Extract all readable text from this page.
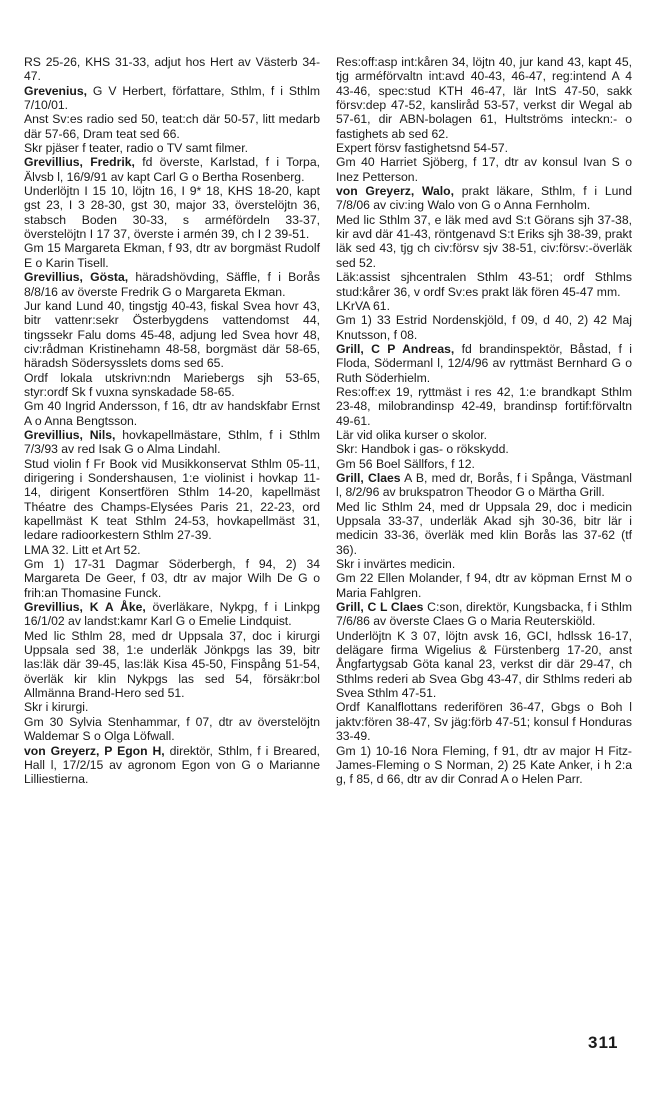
RS 25-26, KHS 31-33, adjut hos Hert av Västerb 34-47.

Grevenius, G V Herbert, författare, Sthlm, f i Sthlm 7/10/01.

Anst Sv:es radio sed 50, teat:ch där 50-57, litt medarb där 57-66, Dram teat sed 66.

Skr pjäser f teater, radio o TV samt filmer.

Grevillius, Fredrik, fd överste, Karlstad, f i Torpa, Älvsb l, 16/9/91 av kapt Carl G o Bertha Rosenberg.

Underlöjtn I 15 10, löjtn 16, I 9* 18, KHS 18-20, kapt gst 23, I 3 28-30, gst 30, major 33, överstelöjtn 36, stabsch Boden 30-33, s arméfördeln 33-37, överstelöjtn I 17 37, överste i armén 39, ch I 2 39-51.

Gm 15 Margareta Ekman, f 93, dtr av borgmäst Rudolf E o Karin Tisell.

Grevillius, Gösta, häradshövding, Säffle, f i Borås 8/8/16 av överste Fredrik G o Margareta Ekman.

Jur kand Lund 40, tingstjg 40-43, fiskal Svea hovr 43, bitr vattenr:sekr Österbygdens vattendomst 44, tingssekr Falu doms 45-48, adjung led Svea hovr 48, civ:rådman Kristinehamn 48-58, borgmäst där 58-65, häradsh Södersysslets doms sed 65.

Ordf lokala utskrivn:ndn Mariebergs sjh 53-65, styr:ordf Sk f vuxna synskadade 58-65.

Gm 40 Ingrid Andersson, f 16, dtr av handskfabr Ernst A o Anna Bengtsson.

Grevillius, Nils, hovkapellmästare, Sthlm, f i Sthlm 7/3/93 av red Isak G o Alma Lindahl.

Stud violin f Fr Book vid Musikkonservat Sthlm 05-11, dirigering i Sondershausen, 1:e violinist i hovkap 11-14, dirigent Konsertfören Sthlm 14-20, kapellmäst Théatre des Champs-Elysées Paris 21, 22-23, ord kapellmäst K teat Sthlm 24-53, hovkapellmäst 31, ledare radioorkestern Sthlm 27-39.

LMA 32. Litt et Art 52.

Gm 1) 17-31 Dagmar Söderbergh, f 94, 2) 34 Margareta De Geer, f 03, dtr av major Wilh De G o frih:an Thomasine Funck.

Grevillius, K A Åke, överläkare, Nykpg, f i Linkpg 16/1/02 av landst:kamr Karl G o Emelie Lindquist.

Med lic Sthlm 28, med dr Uppsala 37, doc i kirurgi Uppsala sed 38, 1:e underläk Jönkpgs las 39, bitr las:läk där 39-45, las:läk Kisa 45-50, Finspång 51-54, överläk kir klin Nykpgs las sed 54, försäkr:bol Allmänna Brand-Hero sed 51.

Skr i kirurgi.

Gm 30 Sylvia Stenhammar, f 07, dtr av överstelöjtn Waldemar S o Olga Löfwall.

von Greyerz, P Egon H, direktör, Sthlm, f i Breared, Hall l, 17/2/15 av agronom Egon von G o Marianne Lilliestierna.

Res:off:asp int:kåren 34, löjtn 40, jur kand 43, kapt 45, tjg arméförvaltn int:avd 40-43, 46-47, reg:intend A 4 43-46, spec:stud KTH 46-47, lär IntS 47-50, sakk försv:dep 47-52, kansliråd 53-57, verkst dir Wegal ab 57-61, dir ABN-bolagen 61, Hultströms inteckn:- o fastighets ab sed 62.

Expert försv fastighetsnd 54-57.

Gm 40 Harriet Sjöberg, f 17, dtr av konsul Ivan S o Inez Petterson.

von Greyerz, Walo, prakt läkare, Sthlm, f i Lund 7/8/06 av civ:ing Walo von G o Anna Fernholm.

Med lic Sthlm 37, e läk med avd S:t Görans sjh 37-38, kir avd där 41-43, röntgenavd S:t Eriks sjh 38-39, prakt läk sed 43, tjg ch civ:försv sjv 38-51, civ:försv:-överläk sed 52.

Läk:assist sjhcentralen Sthlm 43-51; ordf Sthlms stud:kårer 36, v ordf Sv:es prakt läk fören 45-47 mm.

LKrVA 61.

Gm 1) 33 Estrid Nordenskjöld, f 09, d 40, 2) 42 Maj Knutsson, f 08.

Grill, C P Andreas, fd brandinspektör, Båstad, f i Floda, Södermanl l, 12/4/96 av ryttmäst Bernhard G o Ruth Söderhielm.

Res:off:ex 19, ryttmäst i res 42, 1:e brandkapt Sthlm 23-48, milobrandinsp 42-49, brandinsp fortif:förvaltn 49-61.

Lär vid olika kurser o skolor.

Skr: Handbok i gas- o rökskydd.

Gm 56 Boel Sällfors, f 12.

Grill, Claes A B, med dr, Borås, f i Spånga, Västmanl l, 8/2/96 av brukspatron Theodor G o Märtha Grill.

Med lic Sthlm 24, med dr Uppsala 29, doc i medicin Uppsala 33-37, underläk Akad sjh 30-36, bitr lär i medicin 33-36, överläk med klin Borås las 37-62 (tf 36).

Skr i invärtes medicin.

Gm 22 Ellen Molander, f 94, dtr av köpman Ernst M o Maria Fahlgren.

Grill, C L Claes C:son, direktör, Kungsbacka, f i Sthlm 7/6/86 av överste Claes G o Maria Reuterskiöld.

Underlöjtn K 3 07, löjtn avsk 16, GCI, hdlssk 16-17, delägare firma Wigelius & Fürstenberg 17-20, anst Ångfartygsab Göta kanal 23, verkst dir där 29-47, ch Sthlms rederi ab Svea Gbg 43-47, dir Sthlms rederi ab Svea Sthlm 47-51.

Ordf Kanalflottans rederiföreп 36-47, Gbgs o Boh l jaktv:fören 38-47, Sv jäg:förb 47-51; konsul f Honduras 33-49.

Gm 1) 10-16 Nora Fleming, f 91, dtr av major H Fitz-James-Fleming o S Norman, 2) 25 Kate Anker, i h 2:a g, f 85, d 66, dtr av dir Conrad A o Helen Parr.

311
